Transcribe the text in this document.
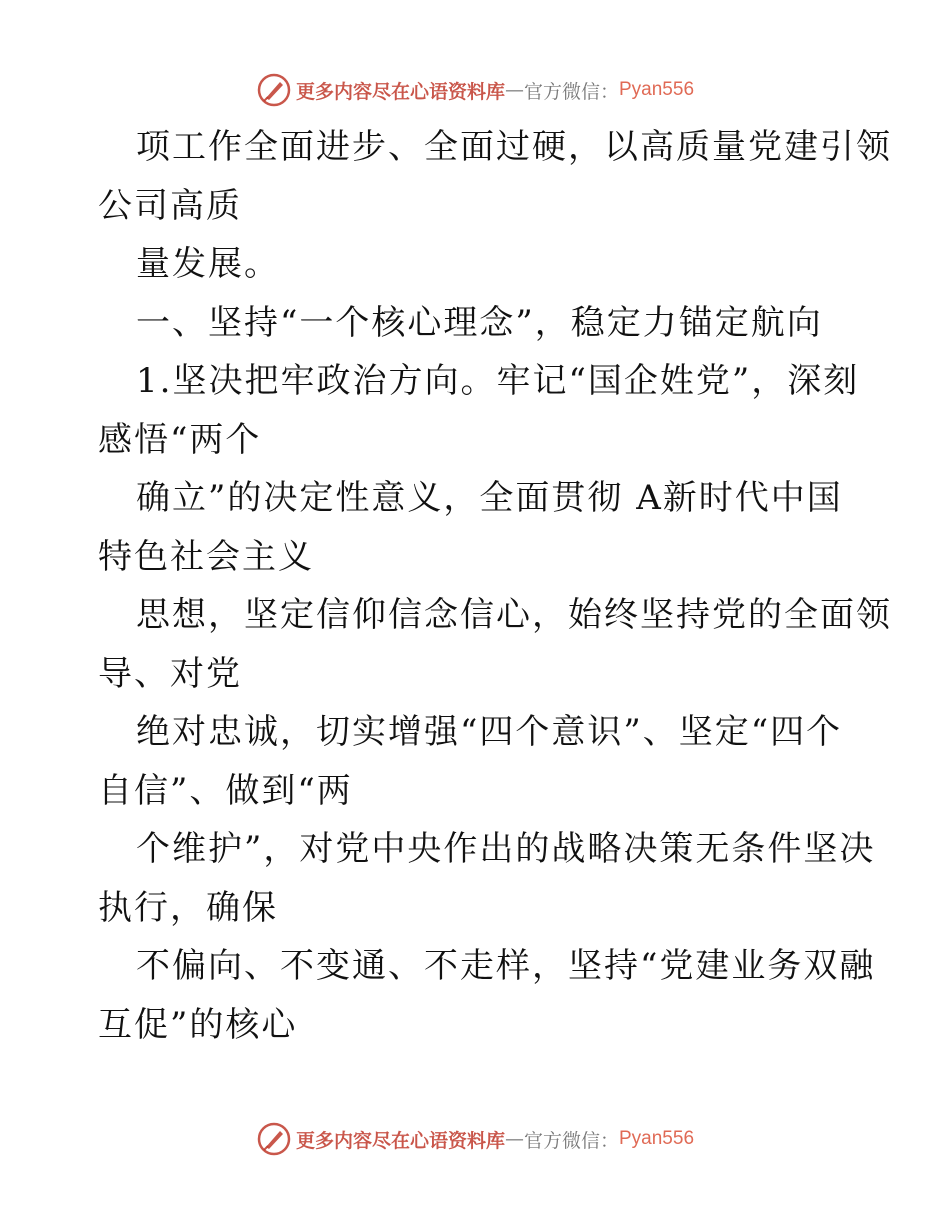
更多内容尽在心语资料库 — 官方微信： Pyan556
项工作全面进步、全面过硬，以高质量党建引领
公司高质
量发展。
一、坚持“一个核心理念”，稳定力锚定航向
1.坚决把牢政治方向。牢记“国企姓党”，深刻
感悟“两个
确立”的决定性意义，全面贯彻 A新时代中国
特色社会主义
思想，坚定信仰信念信心，始终坚持党的全面领
导、对党
绝对忠诚，切实增强“四个意识”、坚定“四个
自信”、做到“两
个维护”，对党中央作出的战略决策无条件坚决
执行，确保
不偏向、不变通、不走样，坚持“党建业务双融
互促”的核心
更多内容尽在心语资料库 — 官方微信： Pyan556
